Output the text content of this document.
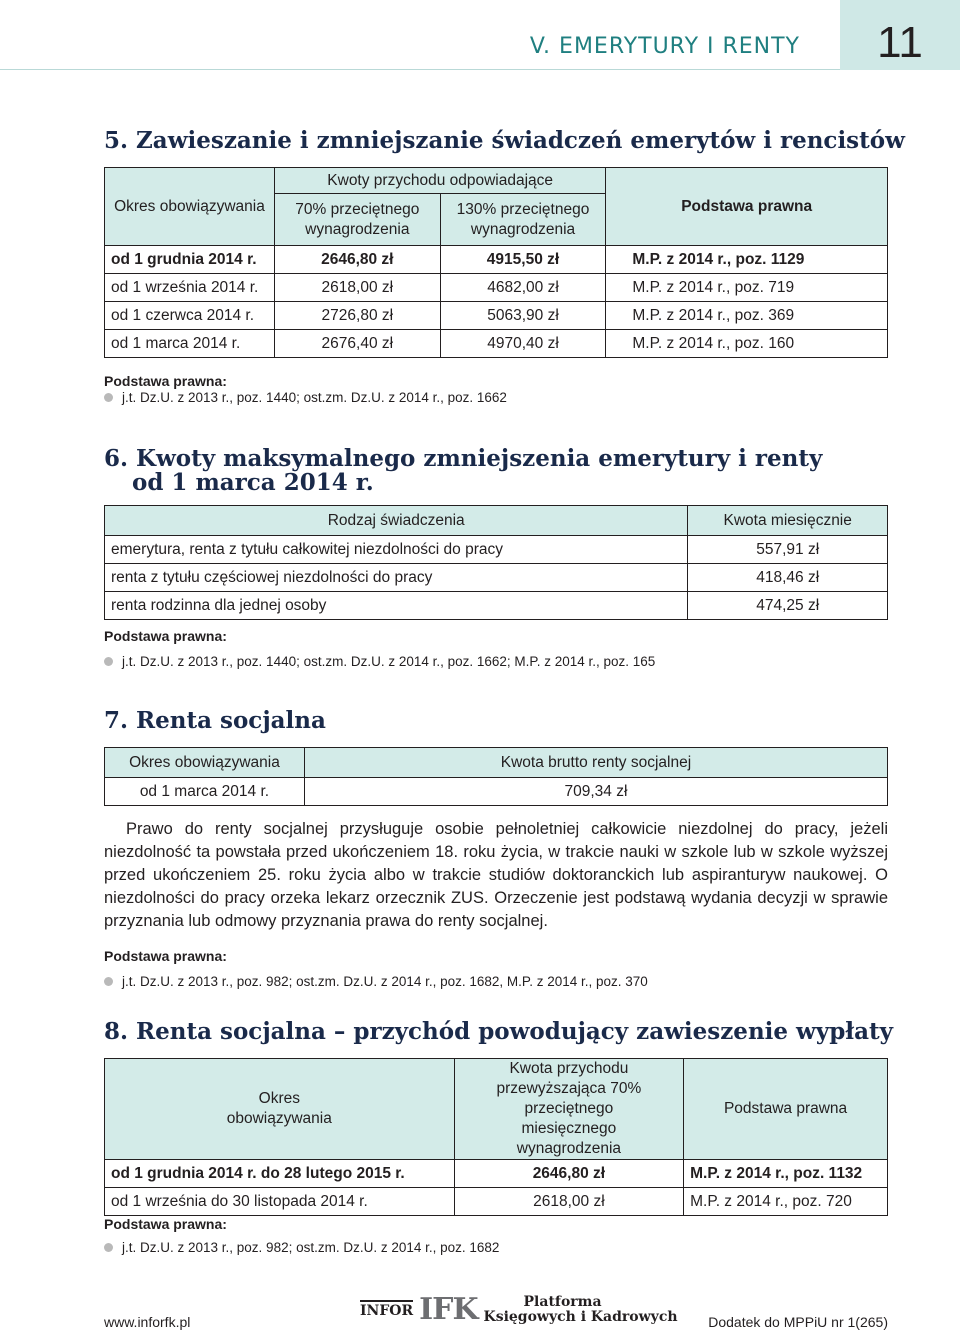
V. EMERYTURY I RENTY	11
5. Zawieszanie i zmniejszanie świadczeń emerytów i rencistów
Okres obowiązywania	Kwoty przychodu odpowiadające		Podstawa prawna
	70% przeciętnego wynagrodzenia	130% przeciętnego wynagrodzenia	
od 1 grudnia 2014 r.	2646,80 zł	4915,50 zł	M.P. z 2014 r., poz. 1129
od 1 września 2014 r.	2618,00 zł	4682,00 zł	M.P. z 2014 r., poz. 719
od 1 czerwca 2014 r.	2726,80 zł	5063,90 zł	M.P. z 2014 r., poz. 369
od 1 marca 2014 r.	2676,40 zł	4970,40 zł	M.P. z 2014 r., poz. 160
Podstawa prawna:
j.t. Dz.U. z 2013 r., poz. 1440; ost.zm. Dz.U. z 2014 r., poz. 1662
6. Kwoty maksymalnego zmniejszenia emerytury i renty
od 1 marca 2014 r.
Rodzaj świadczenia	Kwota miesięcznie
emerytura, renta z tytułu całkowitej niezdolności do pracy	557,91 zł
renta z tytułu częściowej niezdolności do pracy	418,46 zł
renta rodzinna dla jednej osoby	474,25 zł
Podstawa prawna:
j.t. Dz.U. z 2013 r., poz. 1440; ost.zm. Dz.U. z 2014 r., poz. 1662; M.P. z 2014 r., poz. 165
7. Renta socjalna
Okres obowiązywania	Kwota brutto renty socjalnej
od 1 marca 2014 r.	709,34 zł
Prawo do renty socjalnej przysługuje osobie pełnoletniej całkowicie niezdolnej do pracy, jeżeli niezdolność ta powstała przed ukończeniem 18. roku życia, w trakcie nauki w szkole lub w szkole wyższej przed ukończeniem 25. roku życia albo w trakcie studiów doktoranckich lub aspiranturyw naukowej. O niezdolności do pracy orzeka lekarz orzecznik ZUS. Orzeczenie jest podstawą wydania decyzji w sprawie przyznania lub odmowy przyznania prawa do renty socjalnej.
Podstawa prawna:
j.t. Dz.U. z 2013 r., poz. 982; ost.zm. Dz.U. z 2014 r., poz. 1682, M.P. z 2014 r., poz. 370
8. Renta socjalna – przychód powodujący zawieszenie wypłaty
Okres obowiązywania	Kwota przychodu przewyższająca 70% przeciętnego miesięcznego wynagrodzenia	Podstawa prawna
od 1 grudnia 2014 r. do 28 lutego 2015 r.	2646,80 zł	M.P. z 2014 r., poz. 1132
od 1 września do 30 listopada 2014 r.	2618,00 zł	M.P. z 2014 r., poz. 720
Podstawa prawna:
j.t. Dz.U. z 2013 r., poz. 982; ost.zm. Dz.U. z 2014 r., poz. 1682
www.inforfk.pl
INFOR IFK	Platforma
Księgowych i Kadrowych Dodatek do MPPiU nr 1(265)
